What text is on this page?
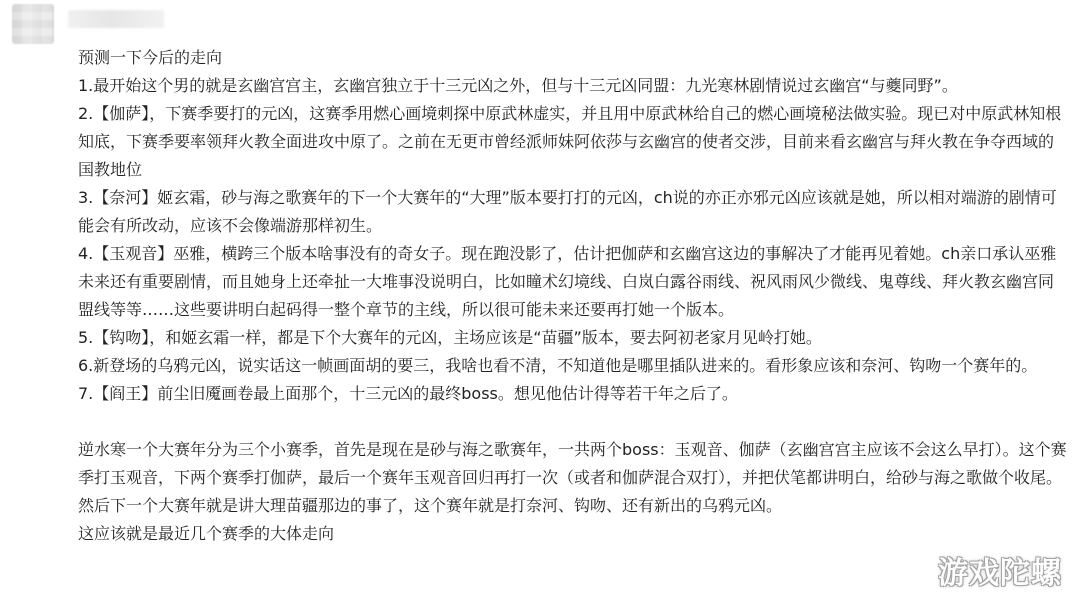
预测一下今后的走向

1.最开始这个男的就是玄幽宫宫主，玄幽宫独立于十三元凶之外，但与十三元凶同盟：九光寒林剧情说过玄幽宫“与夔同野”。

2.【伽萨】，下赛季要打的元凶，这赛季用燃心画境刺探中原武林虚实，并且用中原武林给自己的燃心画境秘法做实验。现已对中原武林知根知底，下赛季要率领拜火教全面进攻中原了。之前在无更市曾经派师妹阿依莎与玄幽宫的使者交涉，目前来看玄幽宫与拜火教在争夺西域的国教地位

3.【奈河】姬玄霜，砂与海之歌赛年的下一个大赛年的“大理”版本要打打的元凶，ch说的亦正亦邪元凶应该就是她，所以相对端游的剧情可能会有所改动，应该不会像端游那样初生。

4.【玉观音】巫雅，横跨三个版本啥事没有的奇女子。现在跑没影了，估计把伽萨和玄幽宫这边的事解决了才能再见着她。ch亲口承认巫雅未来还有重要剧情，而且她身上还牵扯一大堆事没说明白，比如瞳术幻境线、白岚白露谷雨线、祝风雨风少微线、鬼尊线、拜火教玄幽宫同盟线等等……这些要讲明白起码得一整个章节的主线，所以很可能未来还要再打她一个版本。

5.【钩吻】，和姬玄霜一样，都是下个大赛年的元凶，主场应该是“苗疆”版本，要去阿初老家月见岭打她。

6.新登场的乌鸦元凶，说实话这一帧画面胡的要三，我啥也看不清，不知道他是哪里插队进来的。看形象应该和奈河、钩吻一个赛年的。

7.【阎王】前尘旧魇画卷最上面那个，十三元凶的最终boss。想见他估计得等若干年之后了。

逆水寒一个大赛年分为三个小赛季，首先是现在是砂与海之歌赛年，一共两个boss：玉观音、伽萨（玄幽宫宫主应该不会这么早打）。这个赛季打玉观音，下两个赛季打伽萨，最后一个赛年玉观音回归再打一次（或者和伽萨混合双打），并把伏笔都讲明白，给砂与海之歌做个收尾。

然后下一个大赛年就是讲大理苗疆那边的事了，这个赛年就是打奈河、钩吻、还有新出的乌鸦元凶。

这应该就是最近几个赛季的大体走向

游戏陀螺
